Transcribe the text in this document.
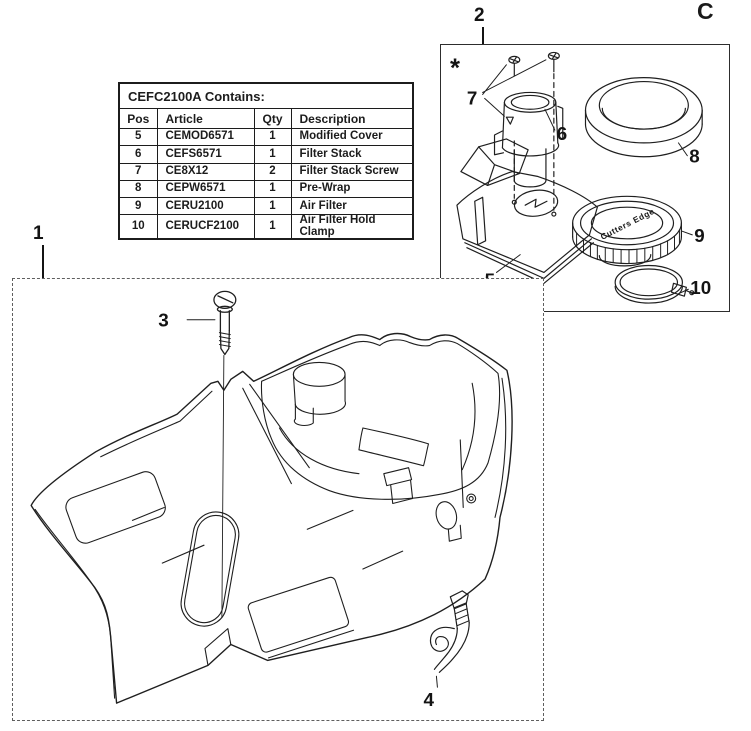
C
CEFC2100A Contains:			
Pos	Article	Qty	Description
5	CEMOD6571	1	Modified Cover
6	CEFS6571	1	Filter Stack
7	CE8X12	2	Filter Stack Screw
8	CEPW6571	1	Pre-Wrap
9	CERU2100	1	Air Filter
10	CERUCF2100	1	Air Filter Hold Clamp
2
*
Cutters Edge
6
7
8
9
10
1
3
4
